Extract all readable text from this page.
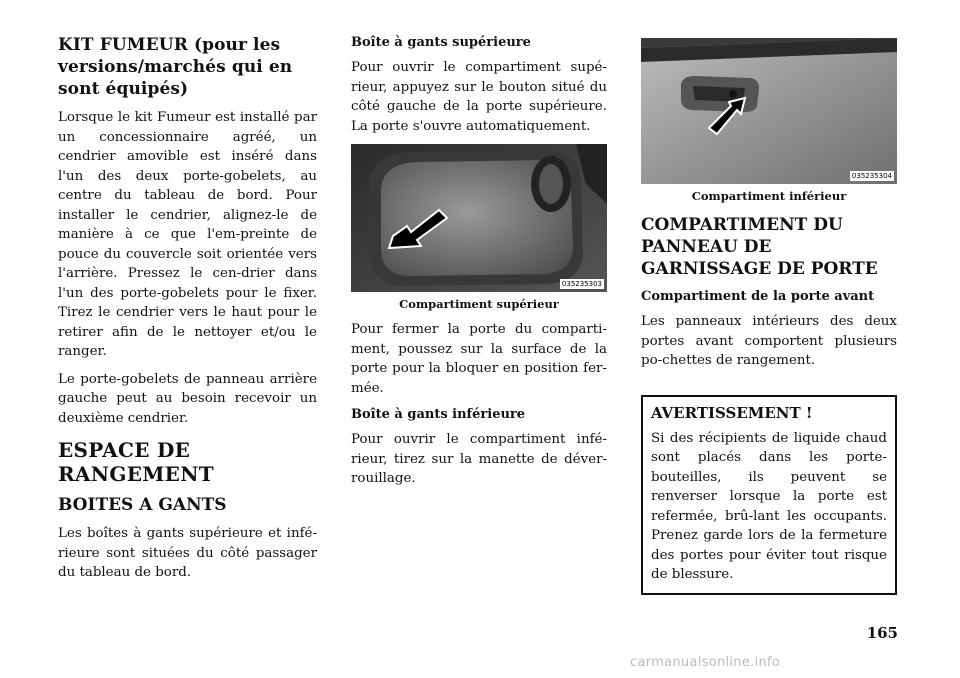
KIT FUMEUR (pour les versions/marchés qui en sont équipés)

Lorsque le kit Fumeur est installé par un concessionnaire agréé, un cendrier amovible est inséré dans l'un des deux porte-gobelets, au centre du tableau de bord. Pour installer le cendrier, alignez-le de manière à ce que l'em-preinte de pouce du couvercle soit orientée vers l'arrière. Pressez le cen-drier dans l'un des porte-gobelets pour le fixer. Tirez le cendrier vers le haut pour le retirer afin de le nettoyer et/ou le ranger.

Le porte-gobelets de panneau arrière gauche peut au besoin recevoir un deuxième cendrier.

ESPACE DE RANGEMENT
BOITES A GANTS

Les boîtes à gants supérieure et infé-rieure sont situées du côté passager du tableau de bord.

Boîte à gants supérieure

Pour ouvrir le compartiment supé-rieur, appuyez sur le bouton situé du côté gauche de la porte supérieure. La porte s'ouvre automatiquement.

035235303
Compartiment supérieur

Pour fermer la porte du comparti-ment, poussez sur la surface de la porte pour la bloquer en position fer-mée.

Boîte à gants inférieure

Pour ouvrir le compartiment infé-rieur, tirez sur la manette de déver-rouillage.

035235304
Compartiment inférieur
COMPARTIMENT DU PANNEAU DE GARNISSAGE DE PORTE
Compartiment de la porte avant

Les panneaux intérieurs des deux portes avant comportent plusieurs po-chettes de rangement.

AVERTISSEMENT !

Si des récipients de liquide chaud sont placés dans les porte-bouteilles, ils peuvent se renverser lorsque la porte est refermée, brû-lant les occupants. Prenez garde lors de la fermeture des portes pour éviter tout risque de blessure.

165
carmanualsonline.info
